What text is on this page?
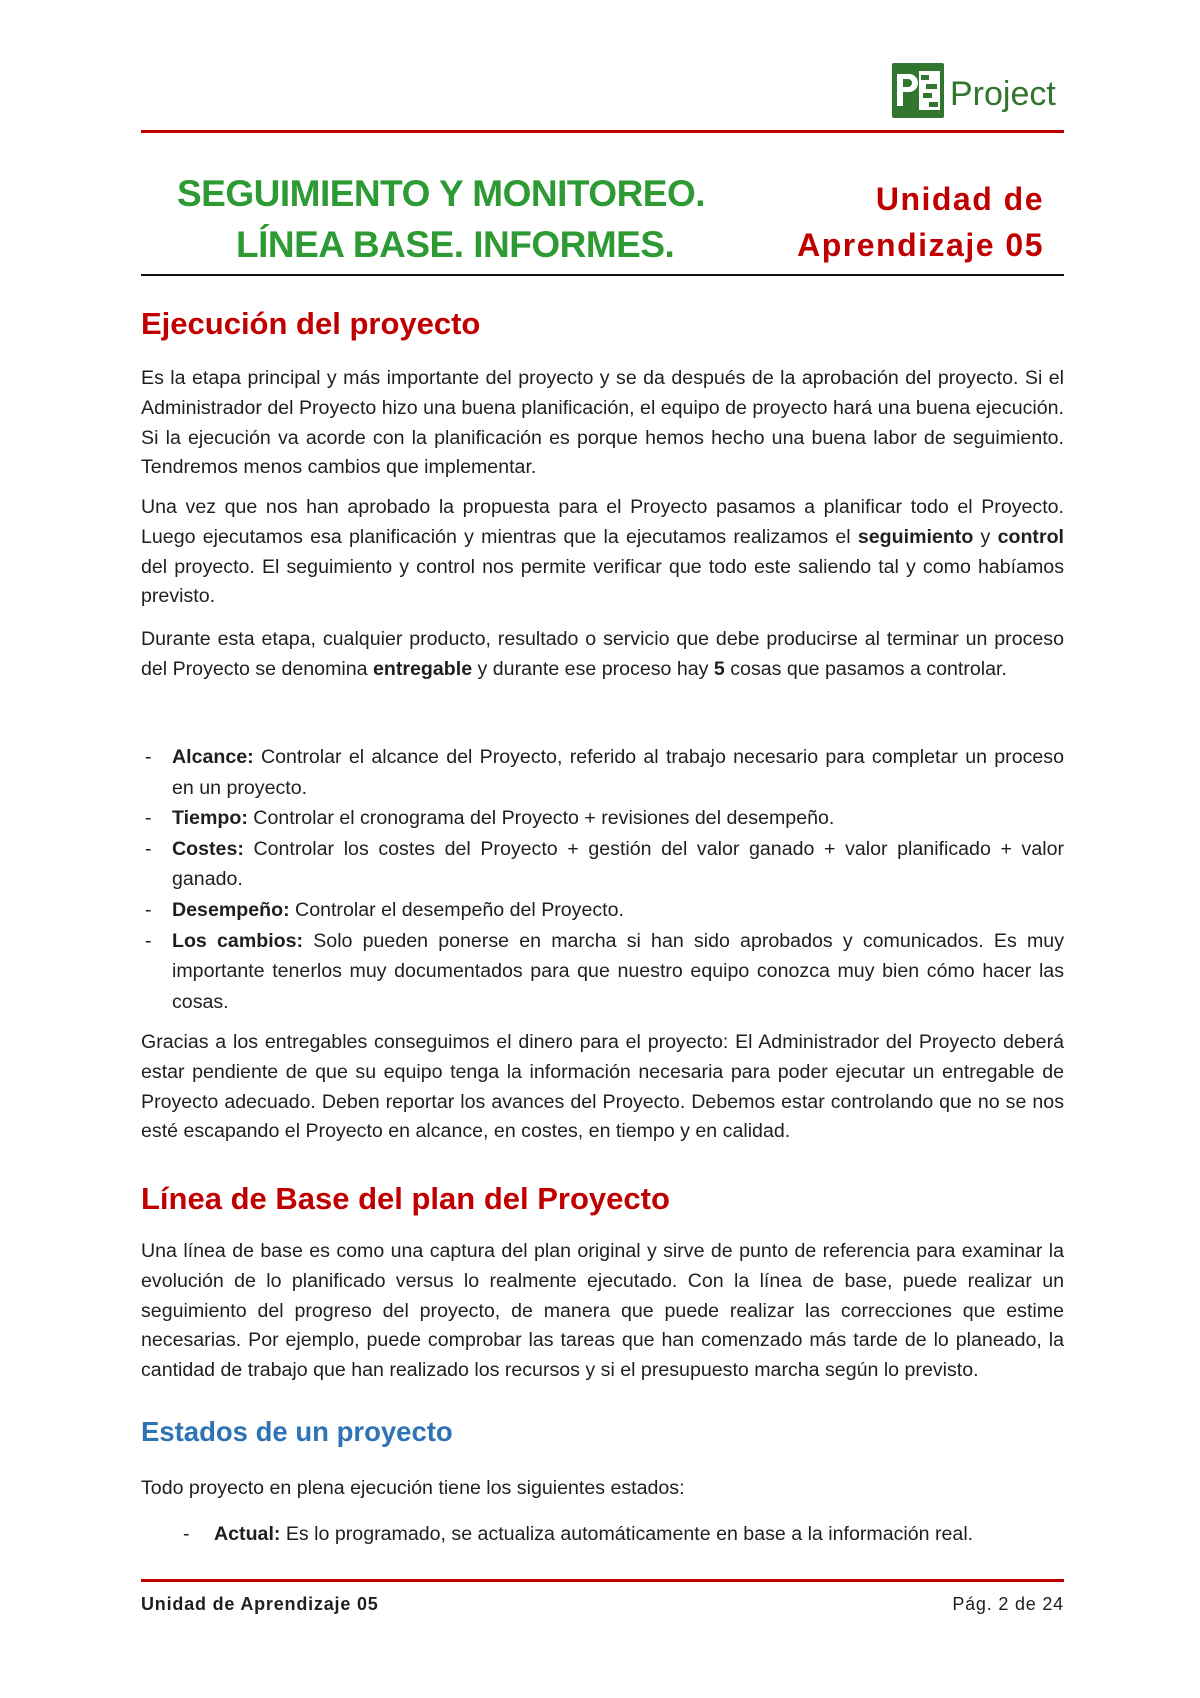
Project
SEGUIMIENTO Y MONITOREO.
LÍNEA BASE. INFORMES.
Unidad de
Aprendizaje 05
Ejecución del proyecto

Es la etapa principal y más importante del proyecto y se da después de la aprobación del proyecto. Si el Administrador del Proyecto hizo una buena planificación, el equipo de proyecto hará una buena ejecución. Si la ejecución va acorde con la planificación es porque hemos hecho una buena labor de seguimiento. Tendremos menos cambios que implementar.

Una vez que nos han aprobado la propuesta para el Proyecto pasamos a planificar todo el Proyecto. Luego ejecutamos esa planificación y mientras que la ejecutamos realizamos el seguimiento y control del proyecto. El seguimiento y control nos permite verificar que todo este saliendo tal y como habíamos previsto.

Durante esta etapa, cualquier producto, resultado o servicio que debe producirse al terminar un proceso del Proyecto se denomina entregable y durante ese proceso hay 5 cosas que pasamos a controlar.

- Alcance: Controlar el alcance del Proyecto, referido al trabajo necesario para completar un proceso en un proyecto.
- Tiempo: Controlar el cronograma del Proyecto + revisiones del desempeño.
- Costes: Controlar los costes del Proyecto + gestión del valor ganado + valor planificado + valor ganado.
- Desempeño: Controlar el desempeño del Proyecto.
- Los cambios: Solo pueden ponerse en marcha si han sido aprobados y comunicados. Es muy importante tenerlos muy documentados para que nuestro equipo conozca muy bien cómo hacer las cosas.

Gracias a los entregables conseguimos el dinero para el proyecto: El Administrador del Proyecto deberá estar pendiente de que su equipo tenga la información necesaria para poder ejecutar un entregable de Proyecto adecuado. Deben reportar los avances del Proyecto. Debemos estar controlando que no se nos esté escapando el Proyecto en alcance, en costes, en tiempo y en calidad.

Línea de Base del plan del Proyecto

Una línea de base es como una captura del plan original y sirve de punto de referencia para examinar la evolución de lo planificado versus lo realmente ejecutado. Con la línea de base, puede realizar un seguimiento del progreso del proyecto, de manera que puede realizar las correcciones que estime necesarias. Por ejemplo, puede comprobar las tareas que han comenzado más tarde de lo planeado, la cantidad de trabajo que han realizado los recursos y si el presupuesto marcha según lo previsto.

Estados de un proyecto

Todo proyecto en plena ejecución tiene los siguientes estados:

- Actual: Es lo programado, se actualiza automáticamente en base a la información real.
Unidad de Aprendizaje 05	Pág. 2 de 24
